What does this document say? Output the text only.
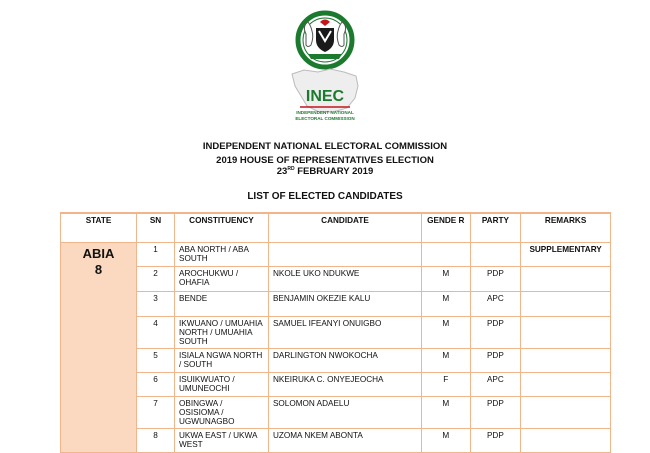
INEC
INDEPENDENT NATIONAL
ELECTORAL COMMISSION
INDEPENDENT NATIONAL ELECTORAL COMMISSION
2019 HOUSE OF REPRESENTATIVES ELECTION
23RD FEBRUARY 2019
LIST OF ELECTED CANDIDATES
STATE	SN	CONSTITUENCY	CANDIDATE	GENDE R	PARTY	REMARKS

ABIA
8	1	ABA NORTH / ABA SOUTH				SUPPLEMENTARY
	2	AROCHUKWU / OHAFIA	NKOLE UKO NDUKWE	M	PDP	
	3	BENDE	BENJAMIN OKEZIE KALU	M	APC	
	4	IKWUANO / UMUAHIA NORTH / UMUAHIA SOUTH	SAMUEL IFEANYI ONUIGBO	M	PDP	
	5	ISIALA NGWA NORTH / SOUTH	DARLINGTON NWOKOCHA	M	PDP	
	6	ISUIKWUATO / UMUNEOCHI	NKEIRUKA C. ONYEJEOCHA	F	APC	
	7	OBINGWA / OSISIOMA / UGWUNAGBO	SOLOMON ADAELU	M	PDP	
	8	UKWA EAST / UKWA WEST	UZOMA NKEM ABONTA	M	PDP	
